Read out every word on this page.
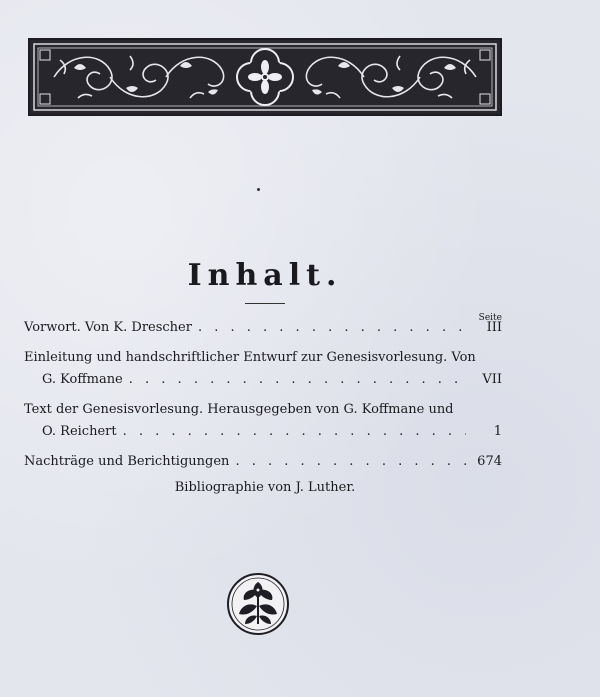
Inhalt.
Seite
Vorwort. Von K. Drescher . . .	III
Einleitung und handschriftlicher Entwurf zur Genesisvorlesung. Von
G. Koffmane . . .	VII
Text der Genesisvorlesung. Herausgegeben von G. Koffmane und
O. Reichert . . .	1
Nachträge und Berichtigungen . . .	674
Bibliographie von J. Luther.
